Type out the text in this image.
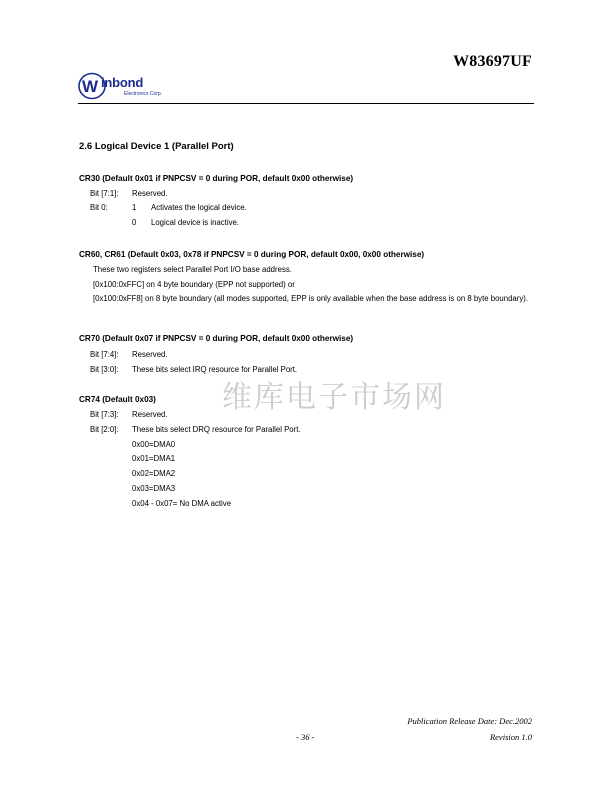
W83697UF
W inbond
Electronics Corp.
2.6 Logical Device 1 (Parallel Port)
CR30 (Default 0x01 if PNPCSV = 0 during POR, default 0x00 otherwise)
Bit [7:1]: Reserved.
Bit 0:	1 Activates the logical device.
0 Logical device is inactive.
CR60, CR61 (Default 0x03, 0x78 if PNPCSV = 0 during POR, default 0x00, 0x00 otherwise)
These two registers select Parallel Port I/O base address.
[0x100:0xFFC] on 4 byte boundary (EPP not supported) or
[0x100:0xFF8] on 8 byte boundary (all modes supported, EPP is only available when the base address is on 8 byte boundary).
CR70 (Default 0x07 if PNPCSV = 0 during POR, default 0x00 otherwise)
Bit [7:4]: Reserved.
Bit [3:0]: These bits select IRQ resource for Parallel Port.
维库电子市场网
CR74 (Default 0x03)
Bit [7:3]: Reserved.
Bit [2:0]: These bits select DRQ resource for Parallel Port.
0x00=DMA0
0x01=DMA1
0x02=DMA2
0x03=DMA3
0x04 - 0x07= No DMA active
Publication Release Date: Dec.2002
- 36 -	Revision 1.0
